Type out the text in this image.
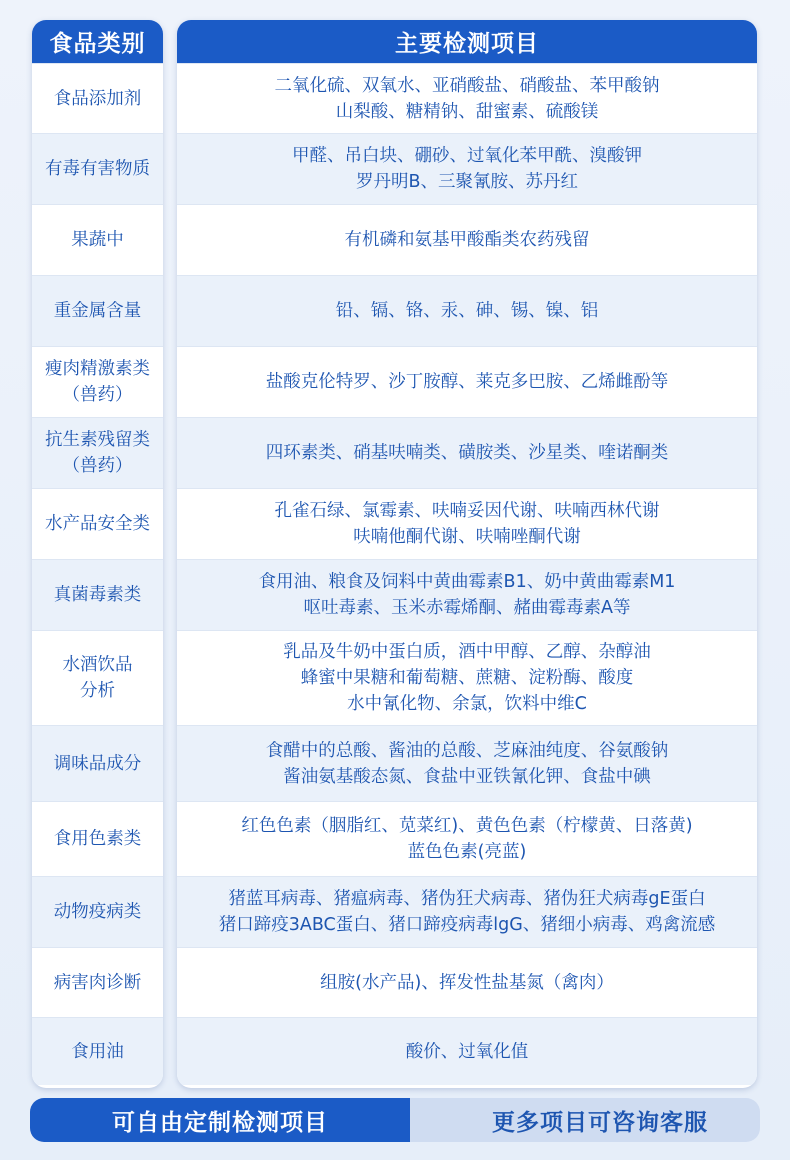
食品类别
食品添加剂
有毒有害物质
果蔬中
重金属含量
瘦肉精激素类
（兽药）
抗生素残留类
（兽药）
水产品安全类
真菌毒素类
水酒饮品
分析
调味品成分
食用色素类
动物疫病类
病害肉诊断
食用油
主要检测项目
二氧化硫、双氧水、亚硝酸盐、硝酸盐、苯甲酸钠
山梨酸、糖精钠、甜蜜素、硫酸镁
甲醛、吊白块、硼砂、过氧化苯甲酰、溴酸钾
罗丹明B、三聚氰胺、苏丹红
有机磷和氨基甲酸酯类农药残留
铅、镉、铬、汞、砷、锡、镍、铝
盐酸克伦特罗、沙丁胺醇、莱克多巴胺、乙烯雌酚等
四环素类、硝基呋喃类、磺胺类、沙星类、喹诺酮类
孔雀石绿、氯霉素、呋喃妥因代谢、呋喃西林代谢
呋喃他酮代谢、呋喃唑酮代谢
食用油、粮食及饲料中黄曲霉素B1、奶中黄曲霉素M1
呕吐毒素、玉米赤霉烯酮、赭曲霉毒素A等
乳品及牛奶中蛋白质，酒中甲醇、乙醇、杂醇油
蜂蜜中果糖和葡萄糖、蔗糖、淀粉酶、酸度
水中氰化物、余氯，饮料中维C
食醋中的总酸、酱油的总酸、芝麻油纯度、谷氨酸钠
酱油氨基酸态氮、食盐中亚铁氰化钾、食盐中碘
红色色素（胭脂红、苋菜红)、黄色色素（柠檬黄、日落黄)
蓝色色素(亮蓝)
猪蓝耳病毒、猪瘟病毒、猪伪狂犬病毒、猪伪狂犬病毒gE蛋白
猪口蹄疫3ABC蛋白、猪口蹄疫病毒lgG、猪细小病毒、鸡禽流感
组胺(水产品)、挥发性盐基氮（禽肉）
酸价、过氧化值
可自由定制检测项目	更多项目可咨询客服
